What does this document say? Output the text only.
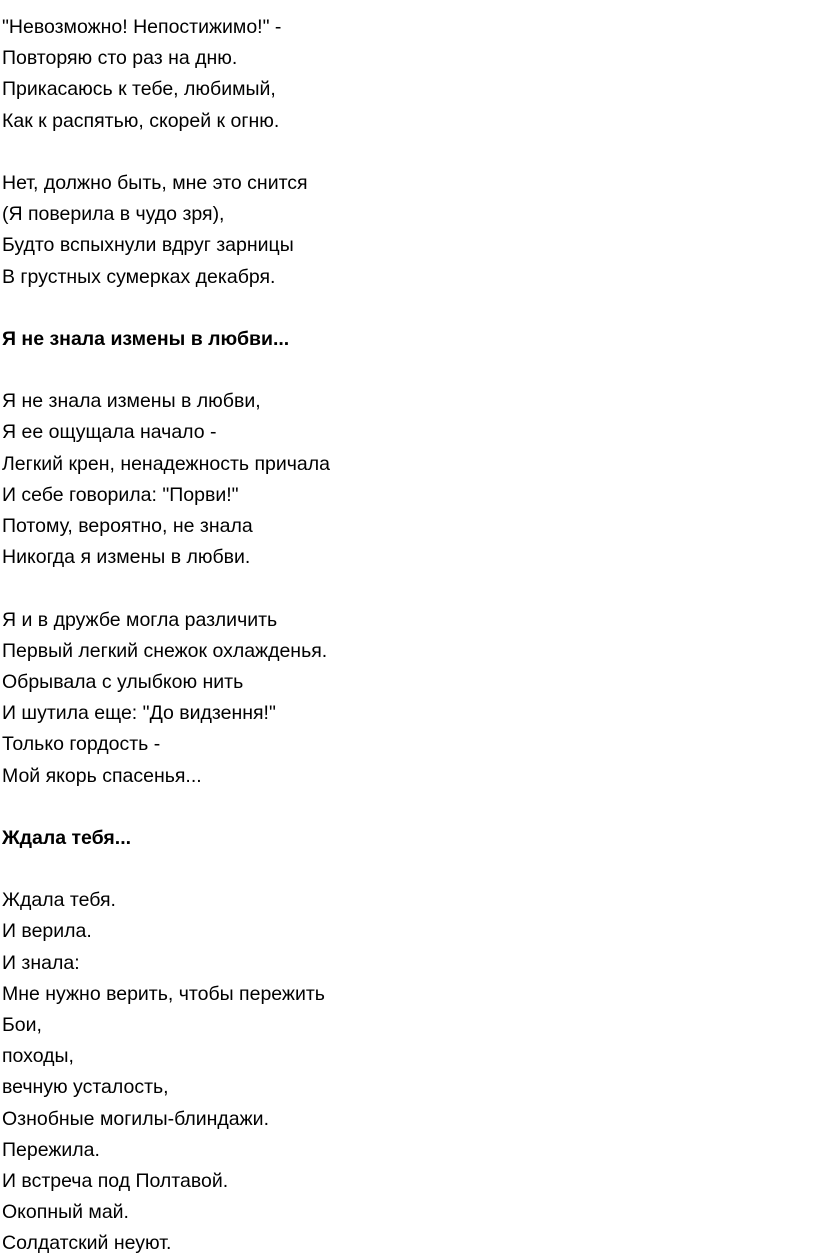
"Невозможно! Непостижимо!" -
Повторяю сто раз на дню.
Прикасаюсь к тебе, любимый,
Как к распятью, скорей к огню.
Нет, должно быть, мне это снится
(Я поверила в чудо зря),
Будто вспыхнули вдруг зарницы
В грустных сумерках декабря.
Я не знала измены в любви...
Я не знала измены в любви,
Я ее ощущала начало -
Легкий крен, ненадежность причала
И себе говорила: "Порви!"
Потому, вероятно, не знала
Никогда я измены в любви.
Я и в дружбе могла различить
Первый легкий снежок охлажденья.
Обрывала с улыбкою нить
И шутила еще: "До видзення!"
Только гордость -
Мой якорь спасенья...
Ждала тебя...
Ждала тебя.
И верила.
И знала:
Мне нужно верить, чтобы пережить
Бои,
походы,
вечную усталость,
Ознобные могилы-блиндажи.
Пережила.
И встреча под Полтавой.
Окопный май.
Солдатский неуют.
